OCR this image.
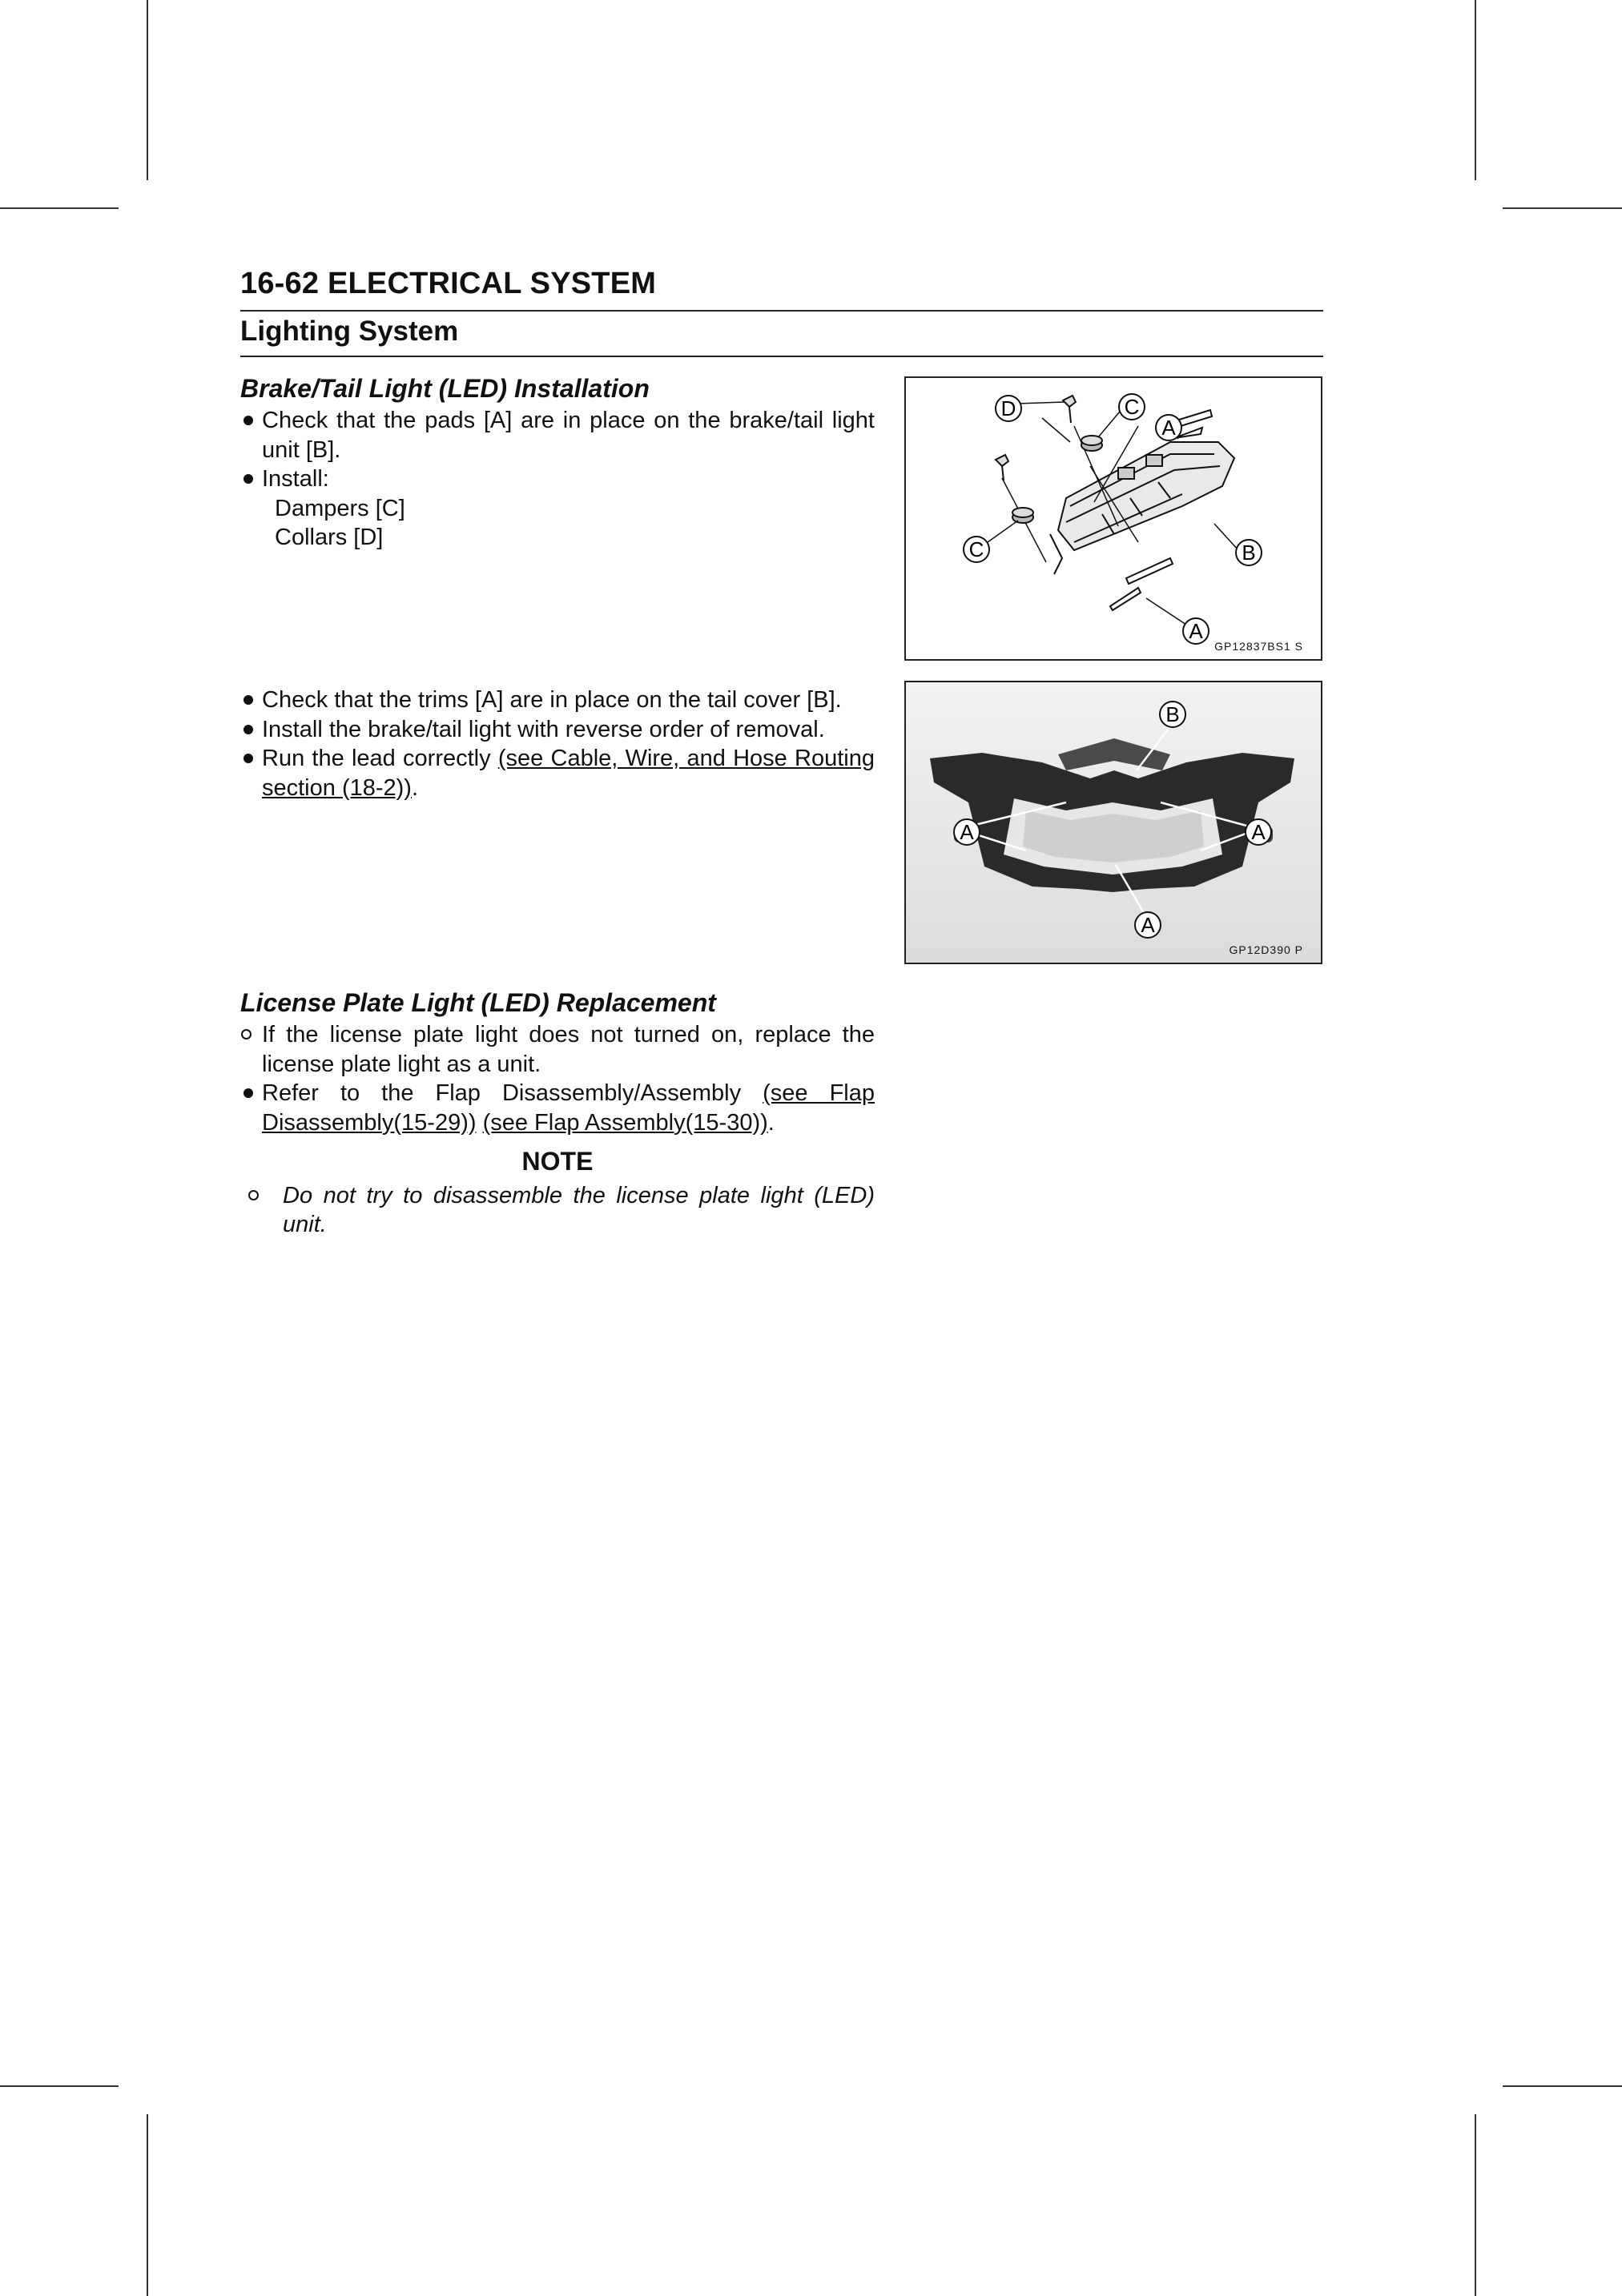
16-62 ELECTRICAL SYSTEM
Lighting System
Brake/Tail Light (LED) Installation
Check that the pads [A] are in place on the brake/tail light unit [B].
Install:
Dampers [C]
Collars [D]
D	C
A
C	B
A
GP12837BS1 S
Check that the trims [A] are in place on the tail cover [B].
Install the brake/tail light with reverse order of removal.
Run the lead correctly (see Cable, Wire, and Hose Routing section (18-2)).
B
A	A
A
GP12D390 P
License Plate Light (LED) Replacement
If the license plate light does not turned on, replace the license plate light as a unit.
Refer to the Flap Disassembly/Assembly (see Flap Disassembly(15-29)) (see Flap Assembly(15-30)).
NOTE
Do not try to disassemble the license plate light (LED) unit.
